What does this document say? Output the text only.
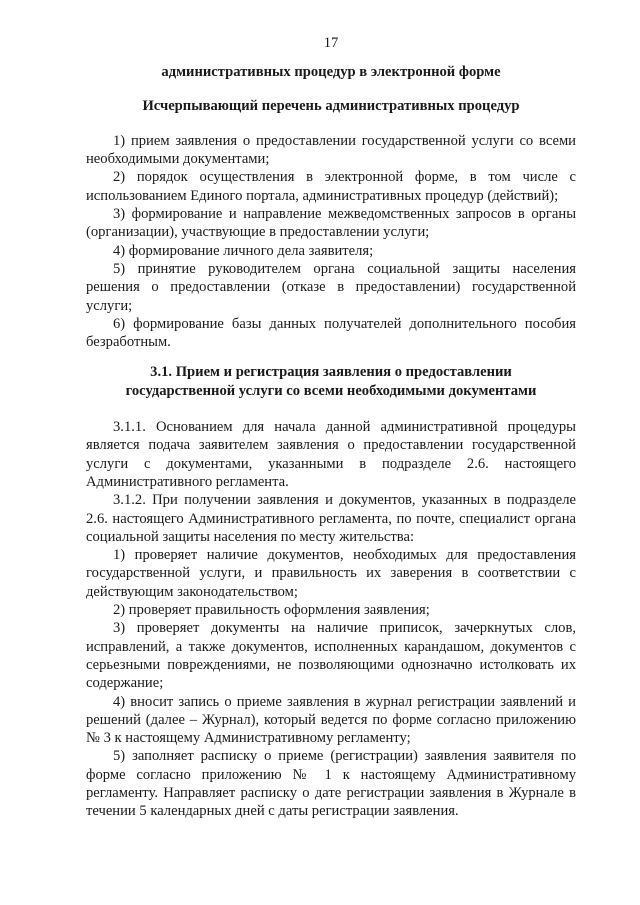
17

административных процедур в электронной форме

Исчерпывающий перечень административных процедур

1) прием заявления о предоставлении государственной услуги со всеми необходимыми документами;

2) порядок осуществления в электронной форме, в том числе с использованием Единого портала, административных процедур (действий);

3) формирование и направление межведомственных запросов в органы (организации), участвующие в предоставлении услуги;

4) формирование личного дела заявителя;

5) принятие руководителем органа социальной защиты населения решения о предоставлении (отказе в предоставлении) государственной услуги;

6) формирование базы данных получателей дополнительного пособия безработным.

3.1. Прием и регистрация заявления о предоставлении
государственной услуги со всеми необходимыми документами

3.1.1. Основанием для начала данной административной процедуры является подача заявителем заявления о предоставлении государственной услуги с документами, указанными в подразделе 2.6. настоящего Административного регламента.

3.1.2. При получении заявления и документов, указанных в подразделе 2.6. настоящего Административного регламента, по почте, специалист органа социальной защиты населения по месту жительства:

1) проверяет наличие документов, необходимых для предоставления государственной услуги, и правильность их заверения в соответствии с действующим законодательством;

2) проверяет правильность оформления заявления;

3) проверяет документы на наличие приписок, зачеркнутых слов, исправлений, а также документов, исполненных карандашом, документов с серьезными повреждениями, не позволяющими однозначно истолковать их содержание;

4) вносит запись о приеме заявления в журнал регистрации заявлений и решений (далее – Журнал), который ведется по форме согласно приложению № 3 к настоящему Административному регламенту;

5) заполняет расписку о приеме (регистрации) заявления заявителя по форме согласно приложению № 1 к настоящему Административному регламенту. Направляет расписку о дате регистрации заявления в Журнале в течении 5 календарных дней с даты регистрации заявления.
